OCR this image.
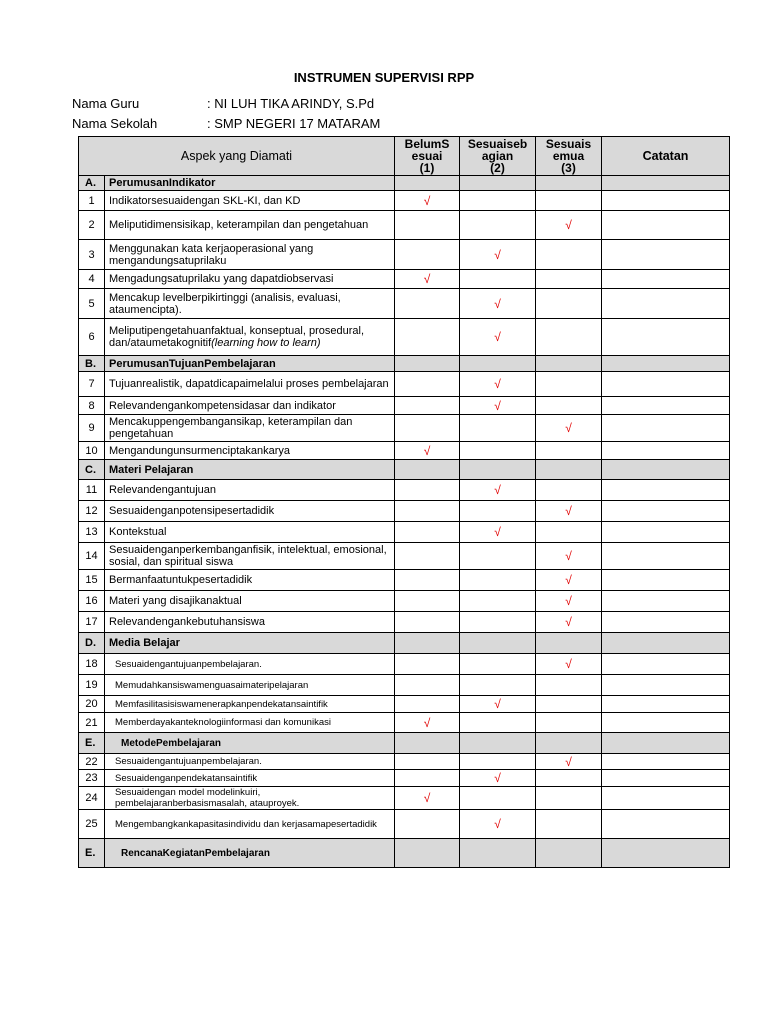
INSTRUMEN SUPERVISI RPP
Nama Guru	: NI LUH TIKA ARINDY, S.Pd
Nama Sekolah	: SMP NEGERI 17 MATARAM
Aspek yang Diamati		BelumS
esuai
(1)	Sesuaiseb
agian
(2)	Sesuais
emua
(3)	Catatan
A.	PerumusanIndikator				
1	Indikatorsesuaidengan SKL-KI, dan KD	√			
2	Meliputidimensisikap, keterampilan dan pengetahuan			√	
3	Menggunakan kata kerjaoperasional yang mengandungsatuprilaku		√		
4	Mengadungsatuprilaku yang dapatdiobservasi	√			
5	Mencakup levelberpikirtinggi (analisis, evaluasi, ataumencipta).		√		
6	Meliputipengetahuanfaktual, konseptual, prosedural, dan/ataumetakognitif(learning how to learn)		√		
B.	PerumusanTujuanPembelajaran				
7	Tujuanrealistik, dapatdicapaimelalui proses pembelajaran		√		
8	Relevandengankompetensidasar dan indikator		√		
9	Mencakuppengembangansikap, keterampilan dan pengetahuan			√	
10	Mengandungunsurmenciptakankarya	√			
C.	Materi Pelajaran				
11	Relevandengantujuan		√		
12	Sesuaidenganpotensipesertadidik			√	
13	Kontekstual		√		
14	Sesuaidenganperkembanganfisik, intelektual, emosional, sosial, dan spiritual siswa			√	
15	Bermanfaatuntukpesertadidik			√	
16	Materi yang disajikanaktual			√	
17	Relevandengankebutuhansiswa			√	
D.	Media Belajar				
18	Sesuaidengantujuanpembelajaran.			√	
19	Memudahkansiswamenguasaimateripelajaran				
20	Memfasilitasisiswamenerapkanpendekatansaintifik		√		
21	Memberdayakanteknologiinformasi dan komunikasi	√			
E.	MetodePembelajaran				
22	Sesuaidengantujuanpembelajaran.			√	
23	Sesuaidenganpendekatansaintifik		√		
24	Sesuaidengan model modelinkuiri, pembelajaranberbasismasalah, atauproyek.	√			
25	Mengembangkankapasitasindividu dan kerjasamapesertadidik		√		
E.	RencanaKegiatanPembelajaran				
